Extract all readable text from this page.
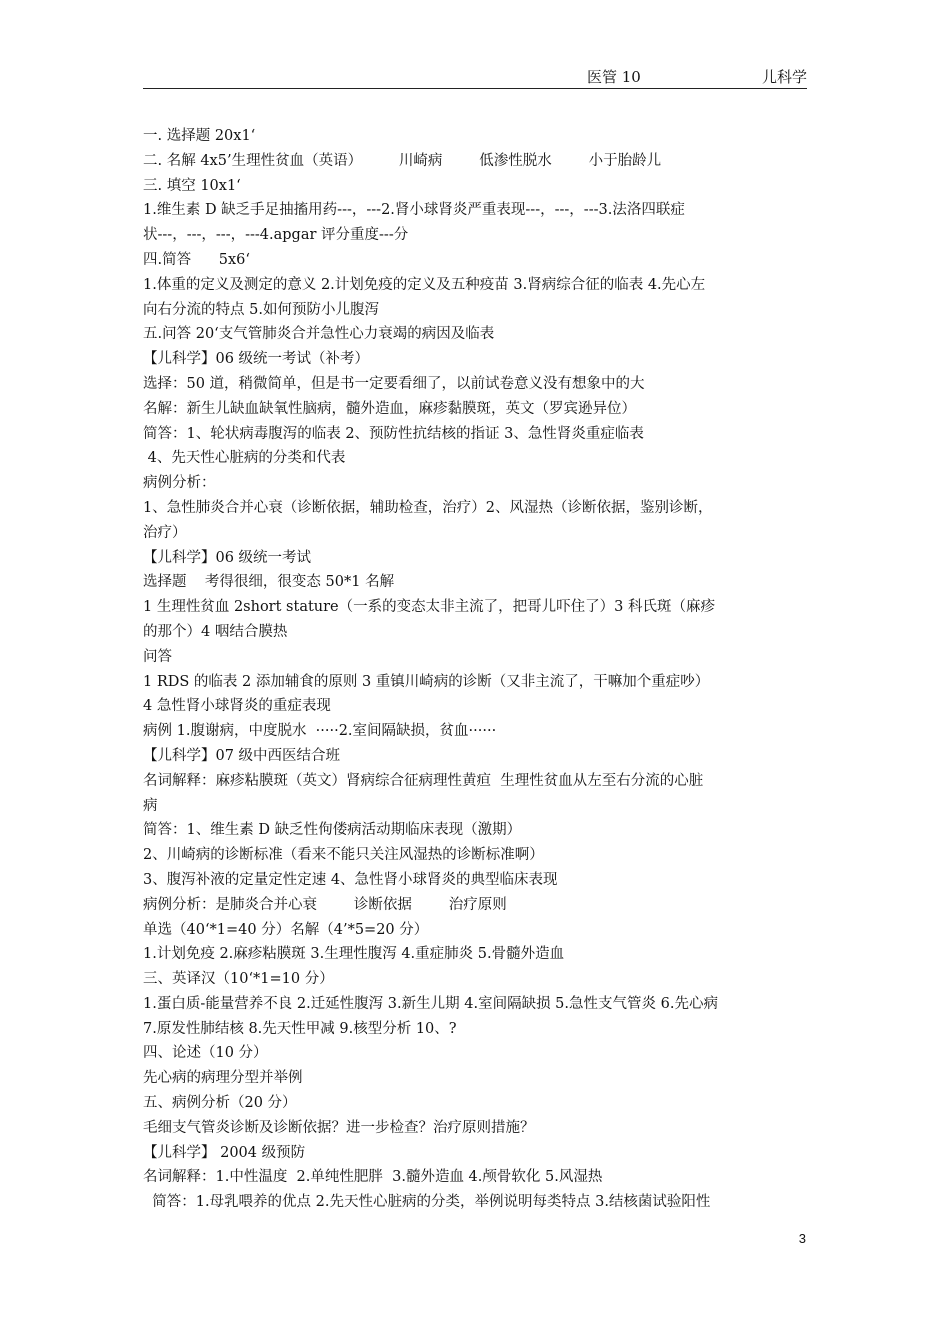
医管 10	儿科学
一. 选择题 20x1‘
二. 名解 4x5’生理性贫血（英语）        川崎病        低渗性脱水        小于胎龄儿
三. 填空 10x1‘
1.维生素 D 缺乏手足抽搐用药---，---2.肾小球肾炎严重表现---，---，---3.法洛四联症
状---，---，---，---4.apgar 评分重度---分
四.简答      5x6‘
1.体重的定义及测定的意义 2.计划免疫的定义及五种疫苗 3.肾病综合征的临表 4.先心左
向右分流的特点 5.如何预防小儿腹泻
五.问答 20‘支气管肺炎合并急性心力衰竭的病因及临表
【儿科学】06 级统一考试（补考）
选择：50 道，稍微简单，但是书一定要看细了，以前试卷意义没有想象中的大
名解：新生儿缺血缺氧性脑病，髓外造血，麻疹黏膜斑，英文（罗宾逊异位）
简答：1、轮状病毒腹泻的临表 2、预防性抗结核的指证 3、急性肾炎重症临表
4、先天性心脏病的分类和代表
病例分析：
1、急性肺炎合并心衰（诊断依据，辅助检查，治疗）2、风湿热（诊断依据，鉴别诊断，
治疗）
【儿科学】06 级统一考试
选择题    考得很细，很变态 50*1 名解
1 生理性贫血 2short stature（一系的变态太非主流了，把哥儿吓住了）3 科氏斑（麻疹
的那个）4 咽结合膜热
问答
1 RDS 的临表 2 添加辅食的原则 3 重镇川崎病的诊断（又非主流了，干嘛加个重症吵）
4 急性肾小球肾炎的重症表现
病例 1.腹谢病，中度脱水  ·····2.室间隔缺损，贫血······
【儿科学】07 级中西医结合班
名词解释：麻疹粘膜斑（英文）肾病综合征病理性黄疸  生理性贫血从左至右分流的心脏
病
简答：1、维生素 D 缺乏性佝偻病活动期临床表现（激期）
2、川崎病的诊断标准（看来不能只关注风湿热的诊断标准啊）
3、腹泻补液的定量定性定速 4、急性肾小球肾炎的典型临床表现
病例分析：是肺炎合并心衰        诊断依据        治疗原则
单选（40‘*1=40 分）名解（4’*5=20 分）
1.计划免疫 2.麻疹粘膜斑 3.生理性腹泻 4.重症肺炎 5.骨髓外造血
三、英译汉（10‘*1=10 分）
1.蛋白质-能量营养不良 2.迁延性腹泻 3.新生儿期 4.室间隔缺损 5.急性支气管炎 6.先心病
7.原发性肺结核 8.先天性甲减 9.核型分析 10、?
四、论述（10 分）
先心病的病理分型并举例
五、病例分析（20 分）
毛细支气管炎诊断及诊断依据？进一步检查？治疗原则措施？
【儿科学】 2004 级预防
名词解释：1.中性温度  2.单纯性肥胖  3.髓外造血 4.颅骨软化 5.风湿热
简答：1.母乳喂养的优点 2.先天性心脏病的分类，举例说明每类特点 3.结核菌试验阳性
3
